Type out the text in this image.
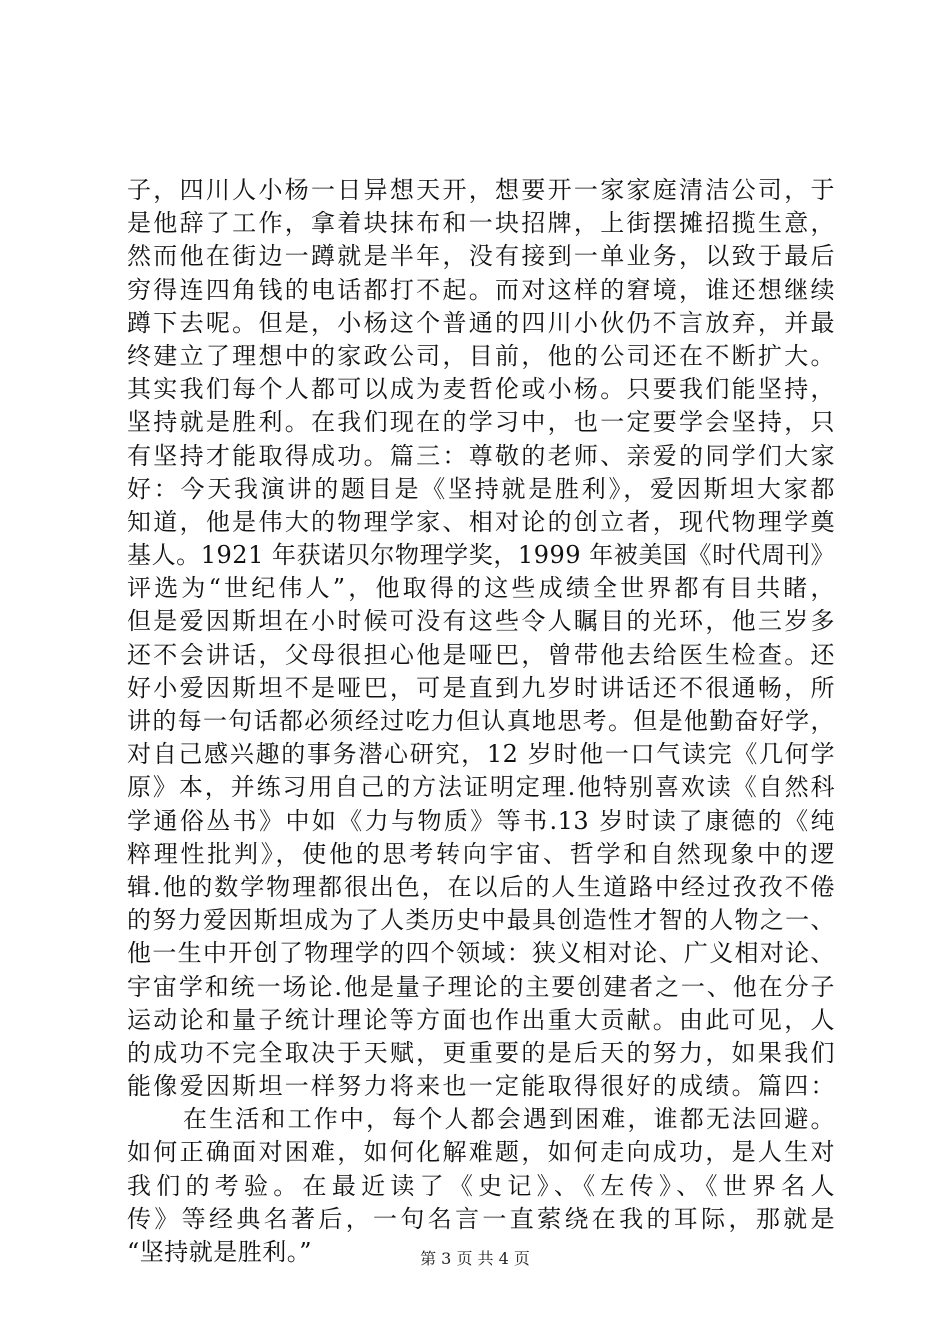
子，四川人小杨一日异想天开，想要开一家家庭清洁公司，于
是他辞了工作，拿着块抹布和一块招牌，上街摆摊招揽生意，
然而他在街边一蹲就是半年，没有接到一单业务，以致于最后
穷得连四角钱的电话都打不起。而对这样的窘境，谁还想继续
蹲下去呢。但是，小杨这个普通的四川小伙仍不言放弃，并最
终建立了理想中的家政公司，目前，他的公司还在不断扩大。
其实我们每个人都可以成为麦哲伦或小杨。只要我们能坚持，
坚持就是胜利。在我们现在的学习中，也一定要学会坚持，只
有坚持才能取得成功。篇三：尊敬的老师、亲爱的同学们大家
好：今天我演讲的题目是《坚持就是胜利》，爱因斯坦大家都
知道，他是伟大的物理学家、相对论的创立者，现代物理学奠
基人。1921 年获诺贝尔物理学奖，1999 年被美国《时代周刊》
评选为“世纪伟人”，他取得的这些成绩全世界都有目共睹，
但是爱因斯坦在小时候可没有这些令人瞩目的光环，他三岁多
还不会讲话，父母很担心他是哑巴，曾带他去给医生检查。还
好小爱因斯坦不是哑巴，可是直到九岁时讲话还不很通畅，所
讲的每一句话都必须经过吃力但认真地思考。但是他勤奋好学，
对自己感兴趣的事务潜心研究，12 岁时他一口气读完《几何学
原》本，并练习用自己的方法证明定理.他特别喜欢读《自然科
学通俗丛书》中如《力与物质》等书.13 岁时读了康德的《纯
粹理性批判》，使他的思考转向宇宙、哲学和自然现象中的逻
辑.他的数学物理都很出色，在以后的人生道路中经过孜孜不倦
的努力爱因斯坦成为了人类历史中最具创造性才智的人物之一、
他一生中开创了物理学的四个领域：狭义相对论、广义相对论、
宇宙学和统一场论.他是量子理论的主要创建者之一、他在分子
运动论和量子统计理论等方面也作出重大贡献。由此可见，人
的成功不完全取决于天赋，更重要的是后天的努力，如果我们
能像爱因斯坦一样努力将来也一定能取得很好的成绩。篇四：
在生活和工作中，每个人都会遇到困难，谁都无法回避。
如何正确面对困难，如何化解难题，如何走向成功，是人生对
我们的考验。在最近读了《史记》、《左传》、《世界名人
传》等经典名著后，一句名言一直萦绕在我的耳际，那就是
“坚持就是胜利。”	第 3 页 共 4 页
